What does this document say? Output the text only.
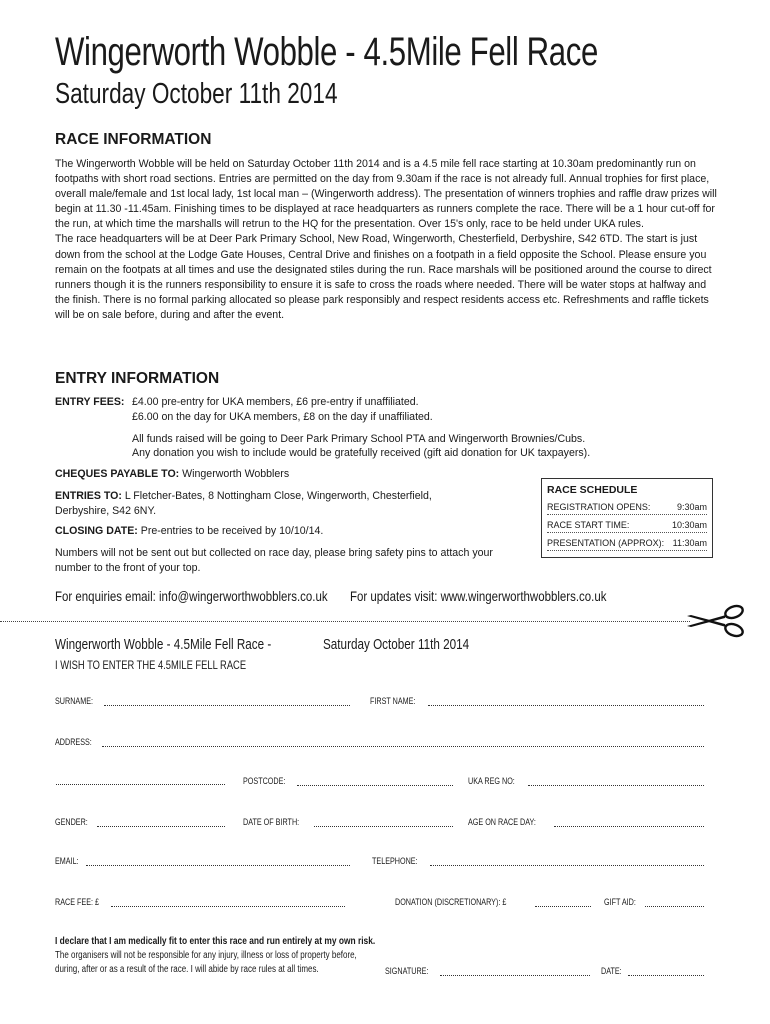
Wingerworth Wobble - 4.5Mile Fell Race
Saturday October 11th 2014
RACE INFORMATION

The Wingerworth Wobble will be held on Saturday October 11th 2014 and is a 4.5 mile fell race starting at 10.30am predominantly run on footpaths with short road sections. Entries are permitted on the day from 9.30am if the race is not already full. Annual trophies for first place, overall male/female and 1st local lady, 1st local man – (Wingerworth address). The presentation of winners trophies and raffle draw prizes will begin at 11.30 -11.45am. Finishing times to be displayed at race headquarters as runners complete the race. There will be a 1 hour cut-off for the run, at which time the marshalls will retrun to the HQ for the presentation. Over 15's only, race to be held under UKA rules.

The race headquarters will be at Deer Park Primary School, New Road, Wingerworth, Chesterfield, Derbyshire, S42 6TD. The start is just down from the school at the Lodge Gate Houses, Central Drive and finishes on a footpath in a field opposite the School. Please ensure you remain on the footpats at all times and use the designated stiles during the run. Race marshals will be positioned around the course to direct runners though it is the runners responsibility to ensure it is safe to cross the roads where needed. There will be water stops at halfway and the finish. There is no formal parking allocated so please park responsibly and respect residents access etc. Refreshments and raffle tickets will be on sale before, during and after the event.

ENTRY INFORMATION
ENTRY FEES: £4.00 pre-entry for UKA members, £6 pre-entry if unaffiliated.
£6.00 on the day for UKA members, £8 on the day if unaffiliated.
All funds raised will be going to Deer Park Primary School PTA and Wingerworth Brownies/Cubs.
Any donation you wish to include would be gratefully received (gift aid donation for UK taxpayers).
CHEQUES PAYABLE TO: Wingerworth Wobblers
ENTRIES TO: L Fletcher-Bates, 8 Nottingham Close, Wingerworth, Chesterfield, Derbyshire, S42 6NY.
CLOSING DATE: Pre-entries to be received by 10/10/14.
Numbers will not be sent out but collected on race day, please bring safety pins to attach your number to the front of your top.
RACE SCHEDULE
REGISTRATION OPENS:	9:30am
RACE START TIME:	10:30am
PRESENTATION (APPROX): 11:30am
For enquiries email: info@wingerworthwobblers.co.uk For updates visit: www.wingerworthwobblers.co.uk
Wingerworth Wobble - 4.5Mile Fell Race -	Saturday October 11th 2014
I WISH TO ENTER THE 4.5MILE FELL RACE
SURNAME:	FIRST NAME:
ADDRESS:
POSTCODE:	UKA REG NO:
GENDER:	DATE OF BIRTH:	AGE ON RACE DAY:
EMAIL:	TELEPHONE:
RACE FEE: £	DONATION (DISCRETIONARY): £	GIFT AID:
I declare that I am medically fit to enter this race and run entirely at my own risk.
The organisers will not be responsible for any injury, illness or loss of property before,
during, after or as a result of the race. I will abide by race rules at all times.	SIGNATURE:	DATE:
